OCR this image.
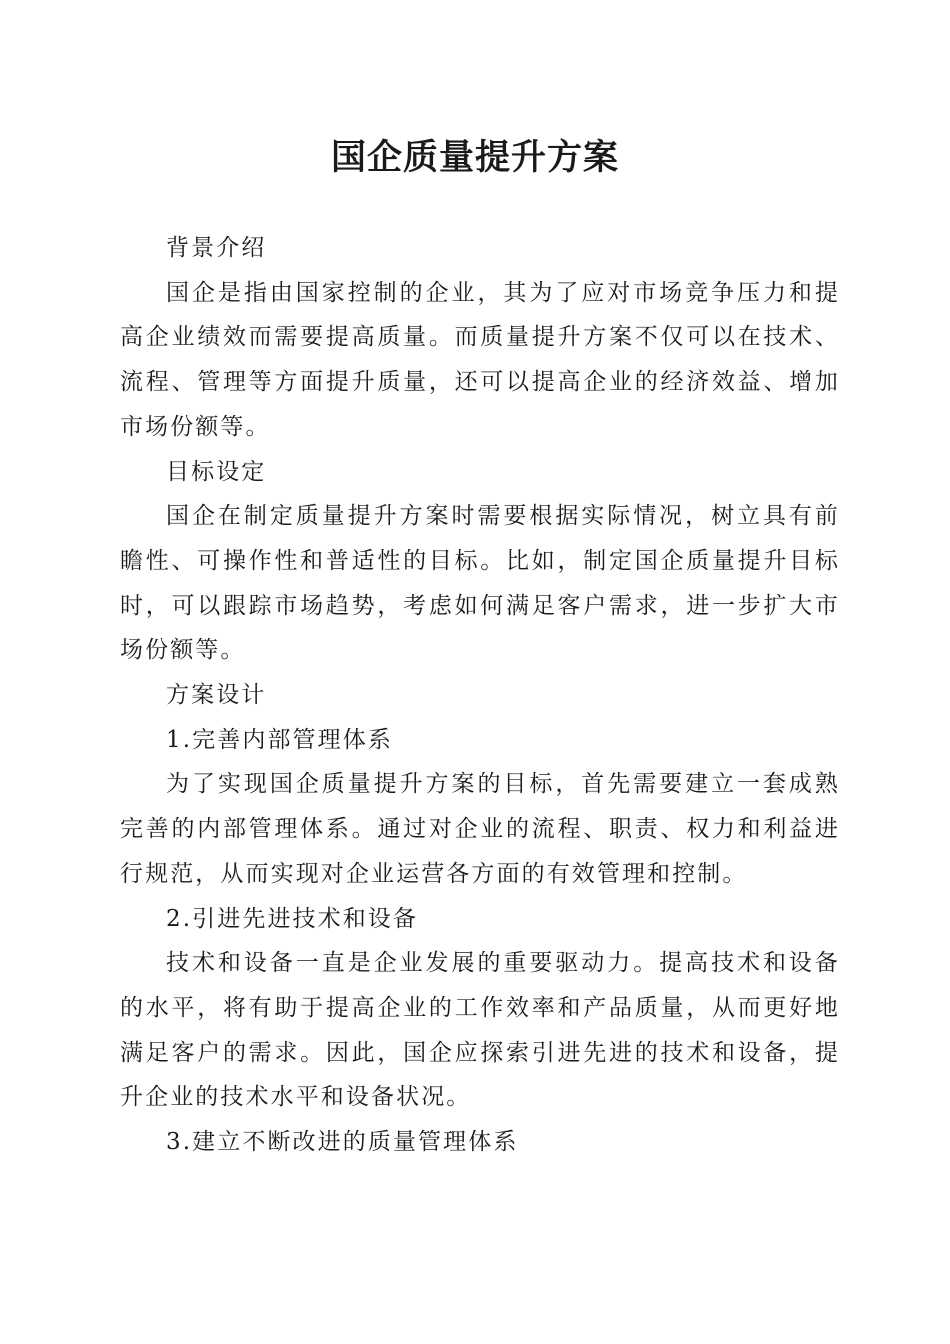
国企质量提升方案

背景介绍

国企是指由国家控制的企业，其为了应对市场竞争压力和提高企业绩效而需要提高质量。而质量提升方案不仅可以在技术、流程、管理等方面提升质量，还可以提高企业的经济效益、增加市场份额等。

目标设定

国企在制定质量提升方案时需要根据实际情况，树立具有前瞻性、可操作性和普适性的目标。比如，制定国企质量提升目标时，可以跟踪市场趋势，考虑如何满足客户需求，进一步扩大市场份额等。

方案设计

1.完善内部管理体系

为了实现国企质量提升方案的目标，首先需要建立一套成熟完善的内部管理体系。通过对企业的流程、职责、权力和利益进行规范，从而实现对企业运营各方面的有效管理和控制。

2.引进先进技术和设备

技术和设备一直是企业发展的重要驱动力。提高技术和设备的水平，将有助于提高企业的工作效率和产品质量，从而更好地满足客户的需求。因此，国企应探索引进先进的技术和设备，提升企业的技术水平和设备状况。

3.建立不断改进的质量管理体系
